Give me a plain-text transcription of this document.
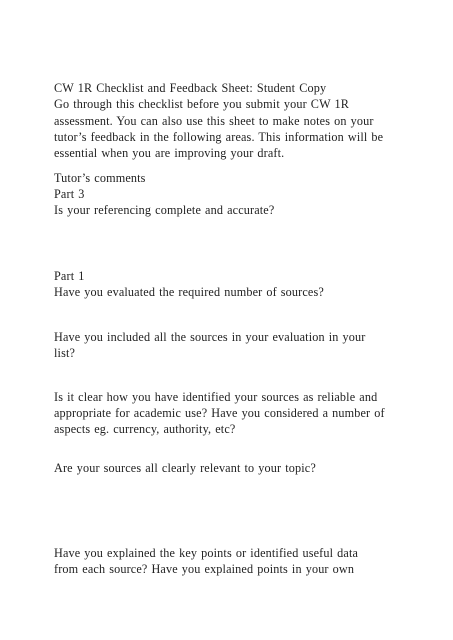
CW 1R Checklist and Feedback Sheet: Student Copy
Go through this checklist before you submit your CW 1R
assessment. You can also use this sheet to make notes on your
tutor’s feedback in the following areas. This information will be
essential when you are improving your draft.
Tutor’s comments
Part 3
Is your referencing complete and accurate?
Part 1
Have you evaluated the required number of sources?
Have you included all the sources in your evaluation in your
list?
Is it clear how you have identified your sources as reliable and
appropriate for academic use? Have you considered a number of
aspects eg. currency, authority, etc?
Are your sources all clearly relevant to your topic?
Have you explained the key points or identified useful data
from each source? Have you explained points in your own
